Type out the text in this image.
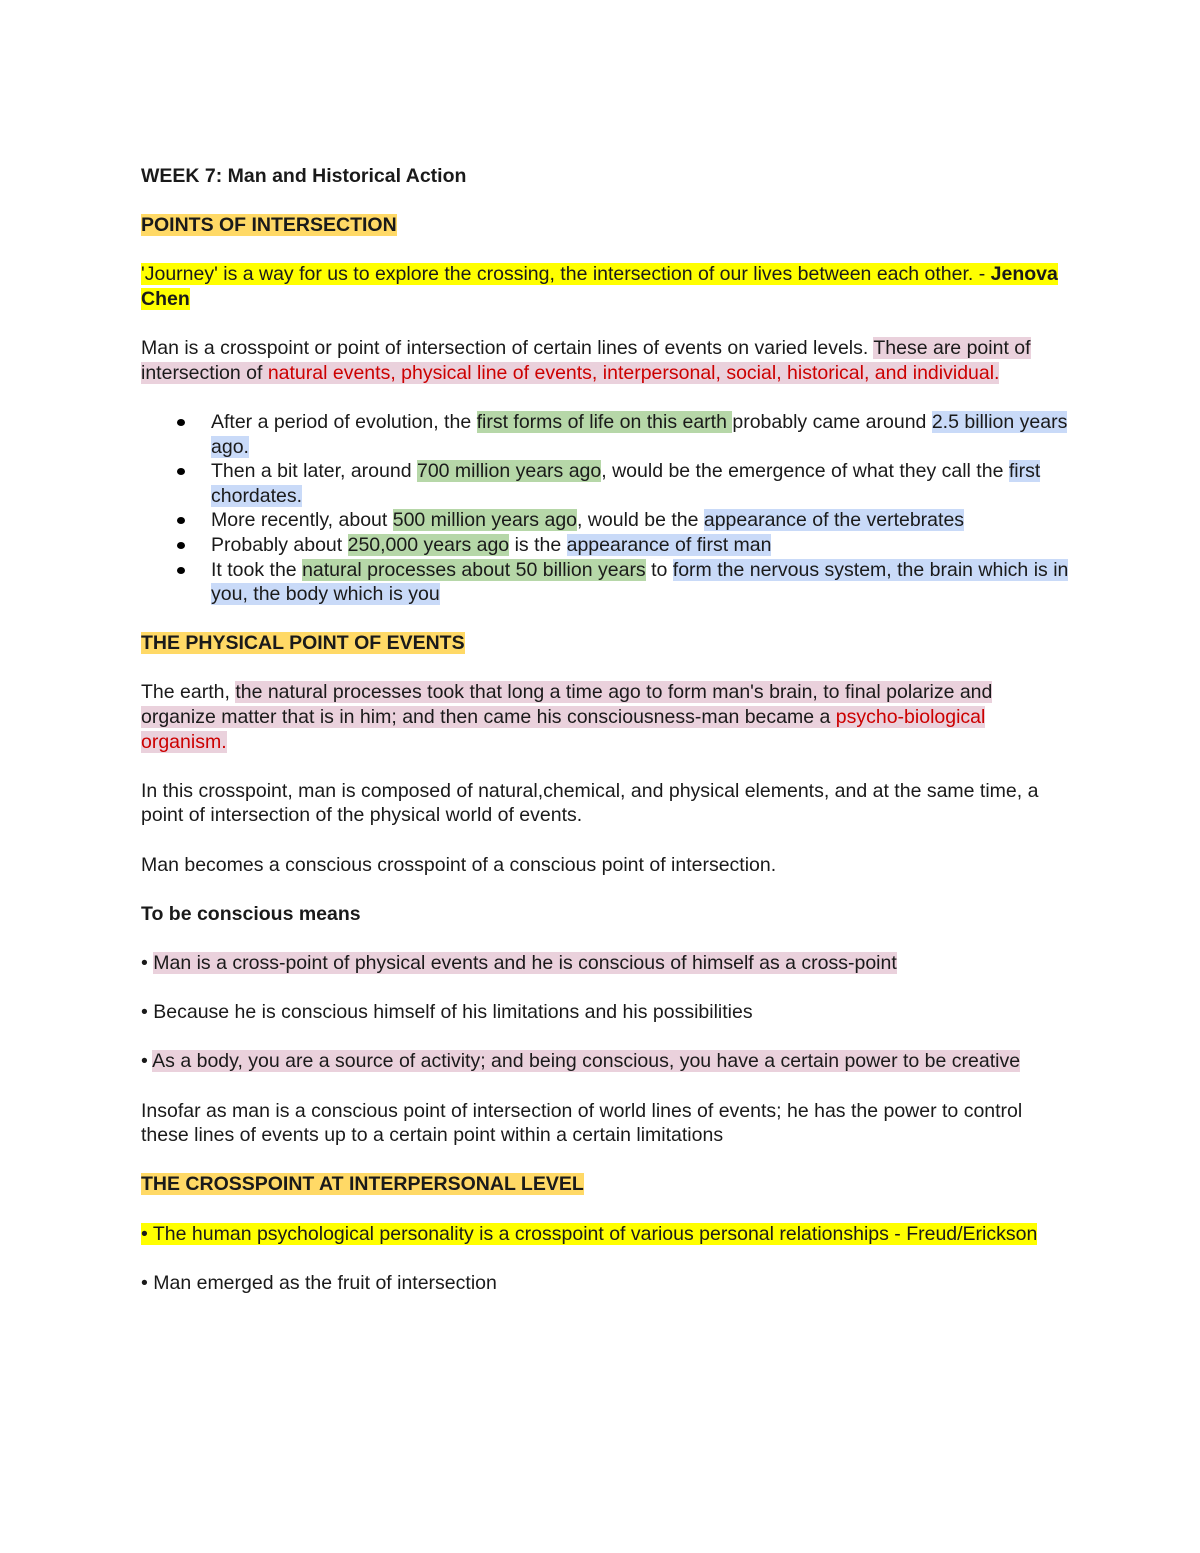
WEEK 7: Man and Historical Action

POINTS OF INTERSECTION

'Journey' is a way for us to explore the crossing, the intersection of our lives between each other. - Jenova Chen

Man is a crosspoint or point of intersection of certain lines of events on varied levels. These are point of intersection of natural events, physical line of events, interpersonal, social, historical, and individual.

After a period of evolution, the first forms of life on this earth probably came around 2.5 billion years ago.
Then a bit later, around 700 million years ago, would be the emergence of what they call the first chordates.
More recently, about 500 million years ago, would be the appearance of the vertebrates
Probably about 250,000 years ago is the appearance of first man
It took the natural processes about 50 billion years to form the nervous system, the brain which is in you, the body which is you

THE PHYSICAL POINT OF EVENTS

The earth, the natural processes took that long a time ago to form man's brain, to final polarize and organize matter that is in him; and then came his consciousness-man became a psycho-biological organism.

In this crosspoint, man is composed of natural,chemical, and physical elements, and at the same time, a point of intersection of the physical world of events.

Man becomes a conscious crosspoint of a conscious point of intersection.

To be conscious means

• Man is a cross-point of physical events and he is conscious of himself as a cross-point

• Because he is conscious himself of his limitations and his possibilities

• As a body, you are a source of activity; and being conscious, you have a certain power to be creative

Insofar as man is a conscious point of intersection of world lines of events; he has the power to control these lines of events up to a certain point within a certain limitations

THE CROSSPOINT AT INTERPERSONAL LEVEL

• The human psychological personality is a crosspoint of various personal relationships - Freud/Erickson

• Man emerged as the fruit of intersection
